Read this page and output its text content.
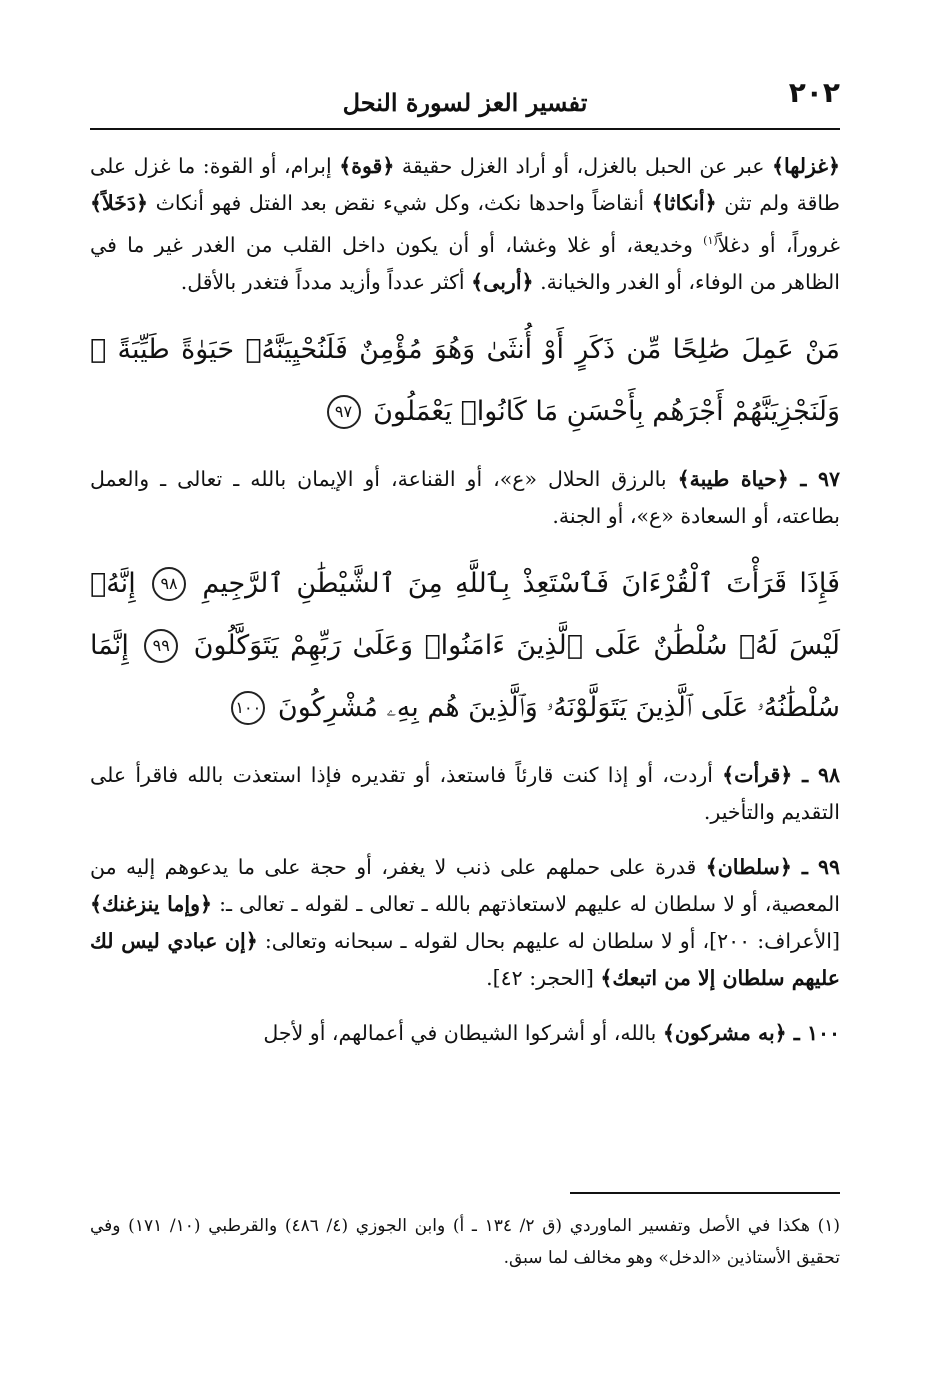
٢٠٢
تفسير العز لسورة النحل

﴿غزلها﴾ عبر عن الحبل بالغزل، أو أراد الغزل حقيقة ﴿قوة﴾ إبرام، أو القوة: ما غزل على طاقة ولم تثن ﴿أنكاثا﴾ أنقاضاً واحدها نكث، وكل شيء نقض بعد الفتل فهو أنكاث ﴿دَخَلاً﴾ غروراً، أو دغلاً$^{(١)}$ وخديعة، أو غلا وغشا، أو أن يكون داخل القلب من الغدر غير ما في الظاهر من الوفاء، أو الغدر والخيانة. ﴿أربى﴾ أكثر عدداً وأزيد مدداً فتغدر بالأقل.

مَنْ عَمِلَ صَٰلِحًا مِّن ذَكَرٍ أَوْ أُنثَىٰ وَهُوَ مُؤْمِنٌ فَلَنُحْيِيَنَّهُۥ حَيَوٰةً طَيِّبَةً ۖ وَلَنَجْزِيَنَّهُمْ أَجْرَهُم بِأَحْسَنِ مَا كَانُوا۟ يَعْمَلُونَ ٩٧

٩٧ ـ ﴿حياة طيبة﴾ بالرزق الحلال «ع»، أو القناعة، أو الإيمان بالله ـ تعالى ـ والعمل بطاعته، أو السعادة «ع»، أو الجنة.

فَإِذَا قَرَأْتَ ٱلْقُرْءَانَ فَٱسْتَعِذْ بِٱللَّهِ مِنَ ٱلشَّيْطَٰنِ ٱلرَّجِيمِ ٩٨ إِنَّهُۥ لَيْسَ لَهُۥ سُلْطَٰنٌ عَلَى ٱلَّذِينَ ءَامَنُوا۟ وَعَلَىٰ رَبِّهِمْ يَتَوَكَّلُونَ ٩٩ إِنَّمَا سُلْطَٰنُهُۥ عَلَى ٱلَّذِينَ يَتَوَلَّوْنَهُۥ وَٱلَّذِينَ هُم بِهِۦ مُشْرِكُونَ ١٠٠

٩٨ ـ ﴿قرأت﴾ أردت، أو إذا كنت قارئاً فاستعذ، أو تقديره فإذا استعذت بالله فاقرأ على التقديم والتأخير.

٩٩ ـ ﴿سلطان﴾ قدرة على حملهم على ذنب لا يغفر، أو حجة على ما يدعوهم إليه من المعصية، أو لا سلطان له عليهم لاستعاذتهم بالله ـ تعالى ـ لقوله ـ تعالى ـ: ﴿وإما ينزغنك﴾ [الأعراف: ٢٠٠]، أو لا سلطان له عليهم بحال لقوله ـ سبحانه وتعالى: ﴿إن عبادي ليس لك عليهم سلطان إلا من اتبعك﴾ [الحجر: ٤٢].

١٠٠ ـ ﴿به مشركون﴾ بالله، أو أشركوا الشيطان في أعمالهم، أو لأجل

(١) هكذا في الأصل وتفسير الماوردي (ق ٢/ ١٣٤ ـ أ) وابن الجوزي (٤/ ٤٨٦) والقرطبي (١٠/ ١٧١) وفي تحقيق الأستاذين «الدخل» وهو مخالف لما سبق.
